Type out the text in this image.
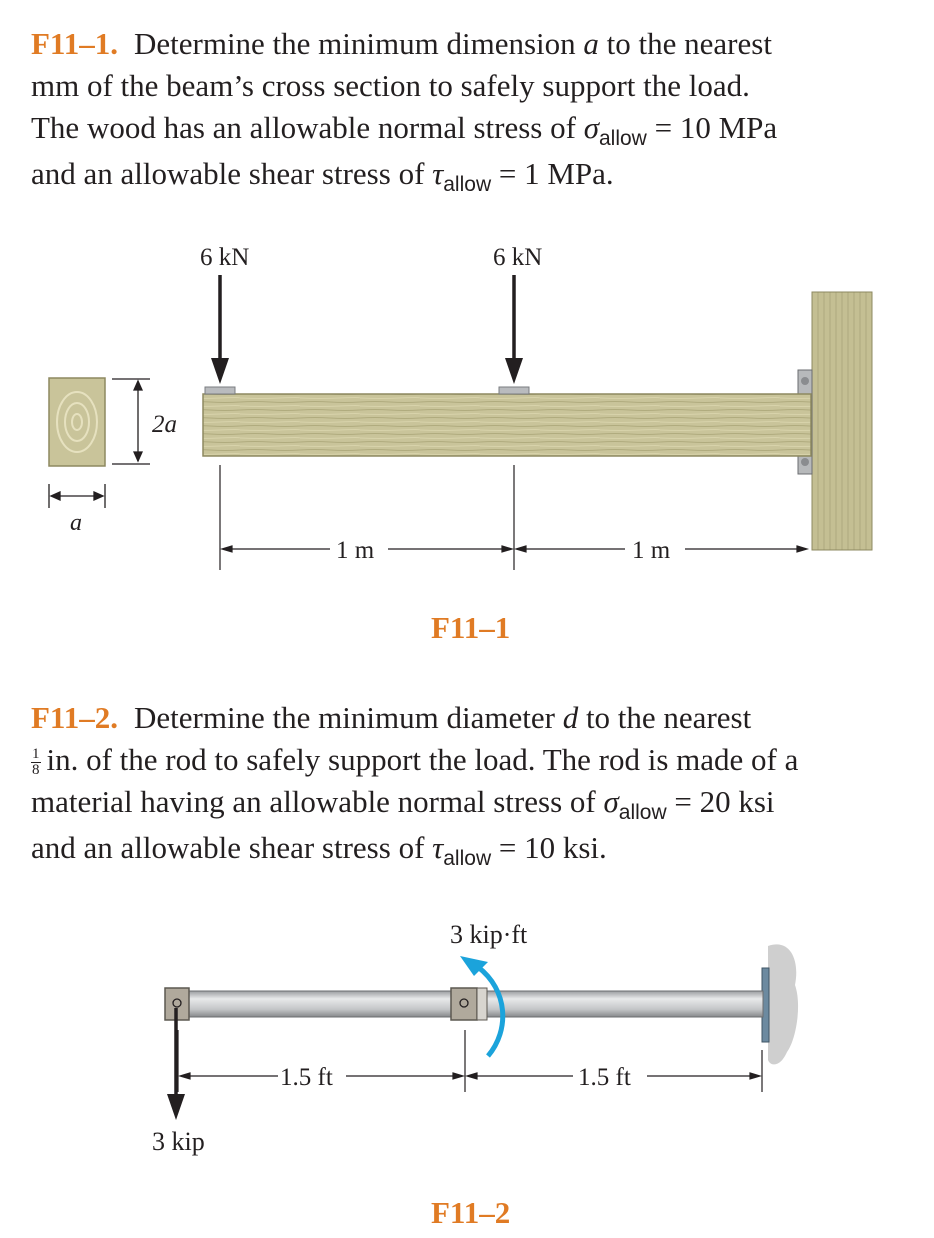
F11–1. Determine the minimum dimension a to the nearest
mm of the beam’s cross section to safely support the load.
The wood has an allowable normal stress of $\sigma_{allow} = 10$ MPa
and an allowable shear stress of $\tau_{allow} = 1$ MPa.
2a
a
6 kN	6 kN
1 m	1 m
F11–1
F11–2. Determine the minimum diameter d to the nearest
$\frac{1}{8}$ in. of the rod to safely support the load. The rod is made of a
material having an allowable normal stress of $\sigma_{allow} = 20$ ksi
and an allowable shear stress of $\tau_{allow} = 10$ ksi.
3 kip·ft
3 kip
1.5 ft	1.5 ft
F11–2
